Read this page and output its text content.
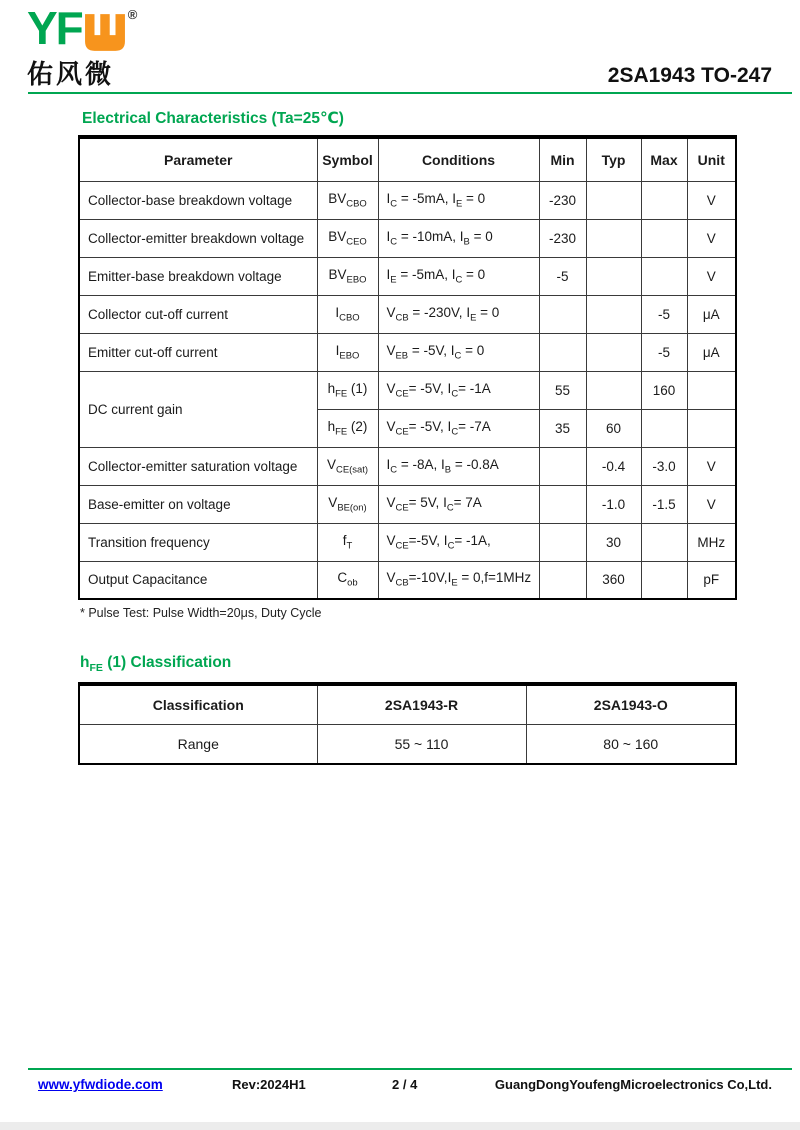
YF	®
佑风微	2SA1943 TO-247
Electrical Characteristics (Ta=25℃)
Parameter	Symbol	Conditions	Min	Typ	Max	Unit
Collector-base breakdown voltage	$BV_{CBO}$	$I_C = -5mA$, $I_E = 0$	-230			V
Collector-emitter breakdown voltage	$BV_{CEO}$	$I_C = -10mA$, $I_B = 0$	-230			V
Emitter-base breakdown voltage	$BV_{EBO}$	$I_E = -5mA$, $I_C = 0$	-5			V
Collector cut-off current	$I_{CBO}$	$V_{CB} = -230V$, $I_E = 0$			-5	μA
Emitter cut-off current	$I_{EBO}$	$V_{EB} = -5V$, $I_C = 0$			-5	μA
DC current gain	$h_{FE}$ (1)	$V_{CE}= -5V$, $I_C= -1A$	55		160	
	$h_{FE}$ (2)	$V_{CE}= -5V$, $I_C= -7A$	35	60		
Collector-emitter saturation voltage	$V_{CE(sat)}$	$I_C = -8A$, $I_B = -0.8A$		-0.4	-3.0	V
Base-emitter on voltage	$V_{BE(on)}$	$V_{CE}= 5V$, $I_C= 7A$		-1.0	-1.5	V
Transition frequency	$f_T$	$V_{CE}=-5V$, $I_C= -1A$,		30		MHz
Output Capacitance	$C_{ob}$	$V_{CB}=-10V,I_E = 0,f=1MHz$		360		pF
* Pulse Test: Pulse Width=20μs, Duty Cycle
$h_{FE}$ (1) Classification
Classification	2SA1943-R	2SA1943-O
Range	55 ~ 110	80 ~ 160
www.yfwdiode.com	Rev:2024H1	2 / 4	GuangDongYoufengMicroelectronics Co,Ltd.
